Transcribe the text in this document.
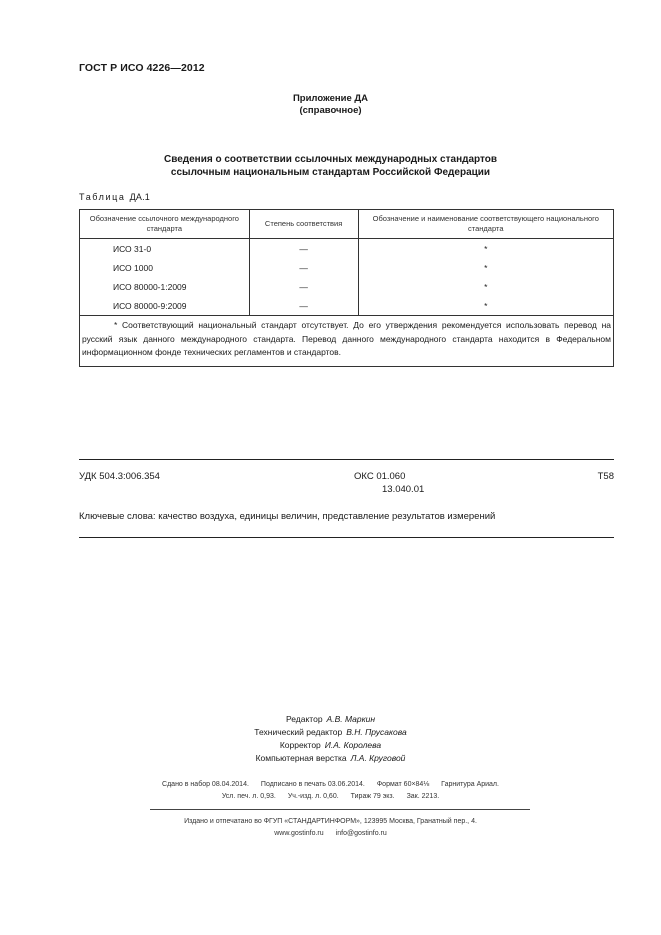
ГОСТ Р ИСО 4226—2012
Приложение ДА
(справочное)
Сведения о соответствии ссылочных международных стандартов
ссылочным национальным стандартам Российской Федерации
Таблица ДА.1
Обозначение ссылочного международного стандарта	Степень соответствия	Обозначение и наименование соответствующего национального стандарта
ИСО 31-0	—	*
ИСО 1000	—	*
ИСО 80000-1:2009	—	*
ИСО 80000-9:2009	—	*
* Соответствующий национальный стандарт отсутствует. До его утверждения рекомендуется использовать перевод на русский язык данного международного стандарта. Перевод данного международного стандарта находится в Федеральном информационном фонде технических регламентов и стандартов.		
УДК 504.3:006.354	ОКС 01.060
13.040.01
Т58
Ключевые слова: качество воздуха, единицы величин, представление результатов измерений
Редактор А.В. Маркин
Технический редактор В.Н. Прусакова
Корректор И.А. Королева
Компьютерная верстка Л.А. Круговой
Сдано в набор 08.04.2014. Подписано в печать 03.06.2014. Формат 60×84⅛ Гарнитура Ариал.
Усл. печ. л. 0,93. Уч.-изд. л. 0,60. Тираж 79 экз. Зак. 2213.
Издано и отпечатано во ФГУП «СТАНДАРТИНФОРМ», 123995 Москва, Гранатный пер., 4.
www.gostinfo.ru info@gostinfo.ru
